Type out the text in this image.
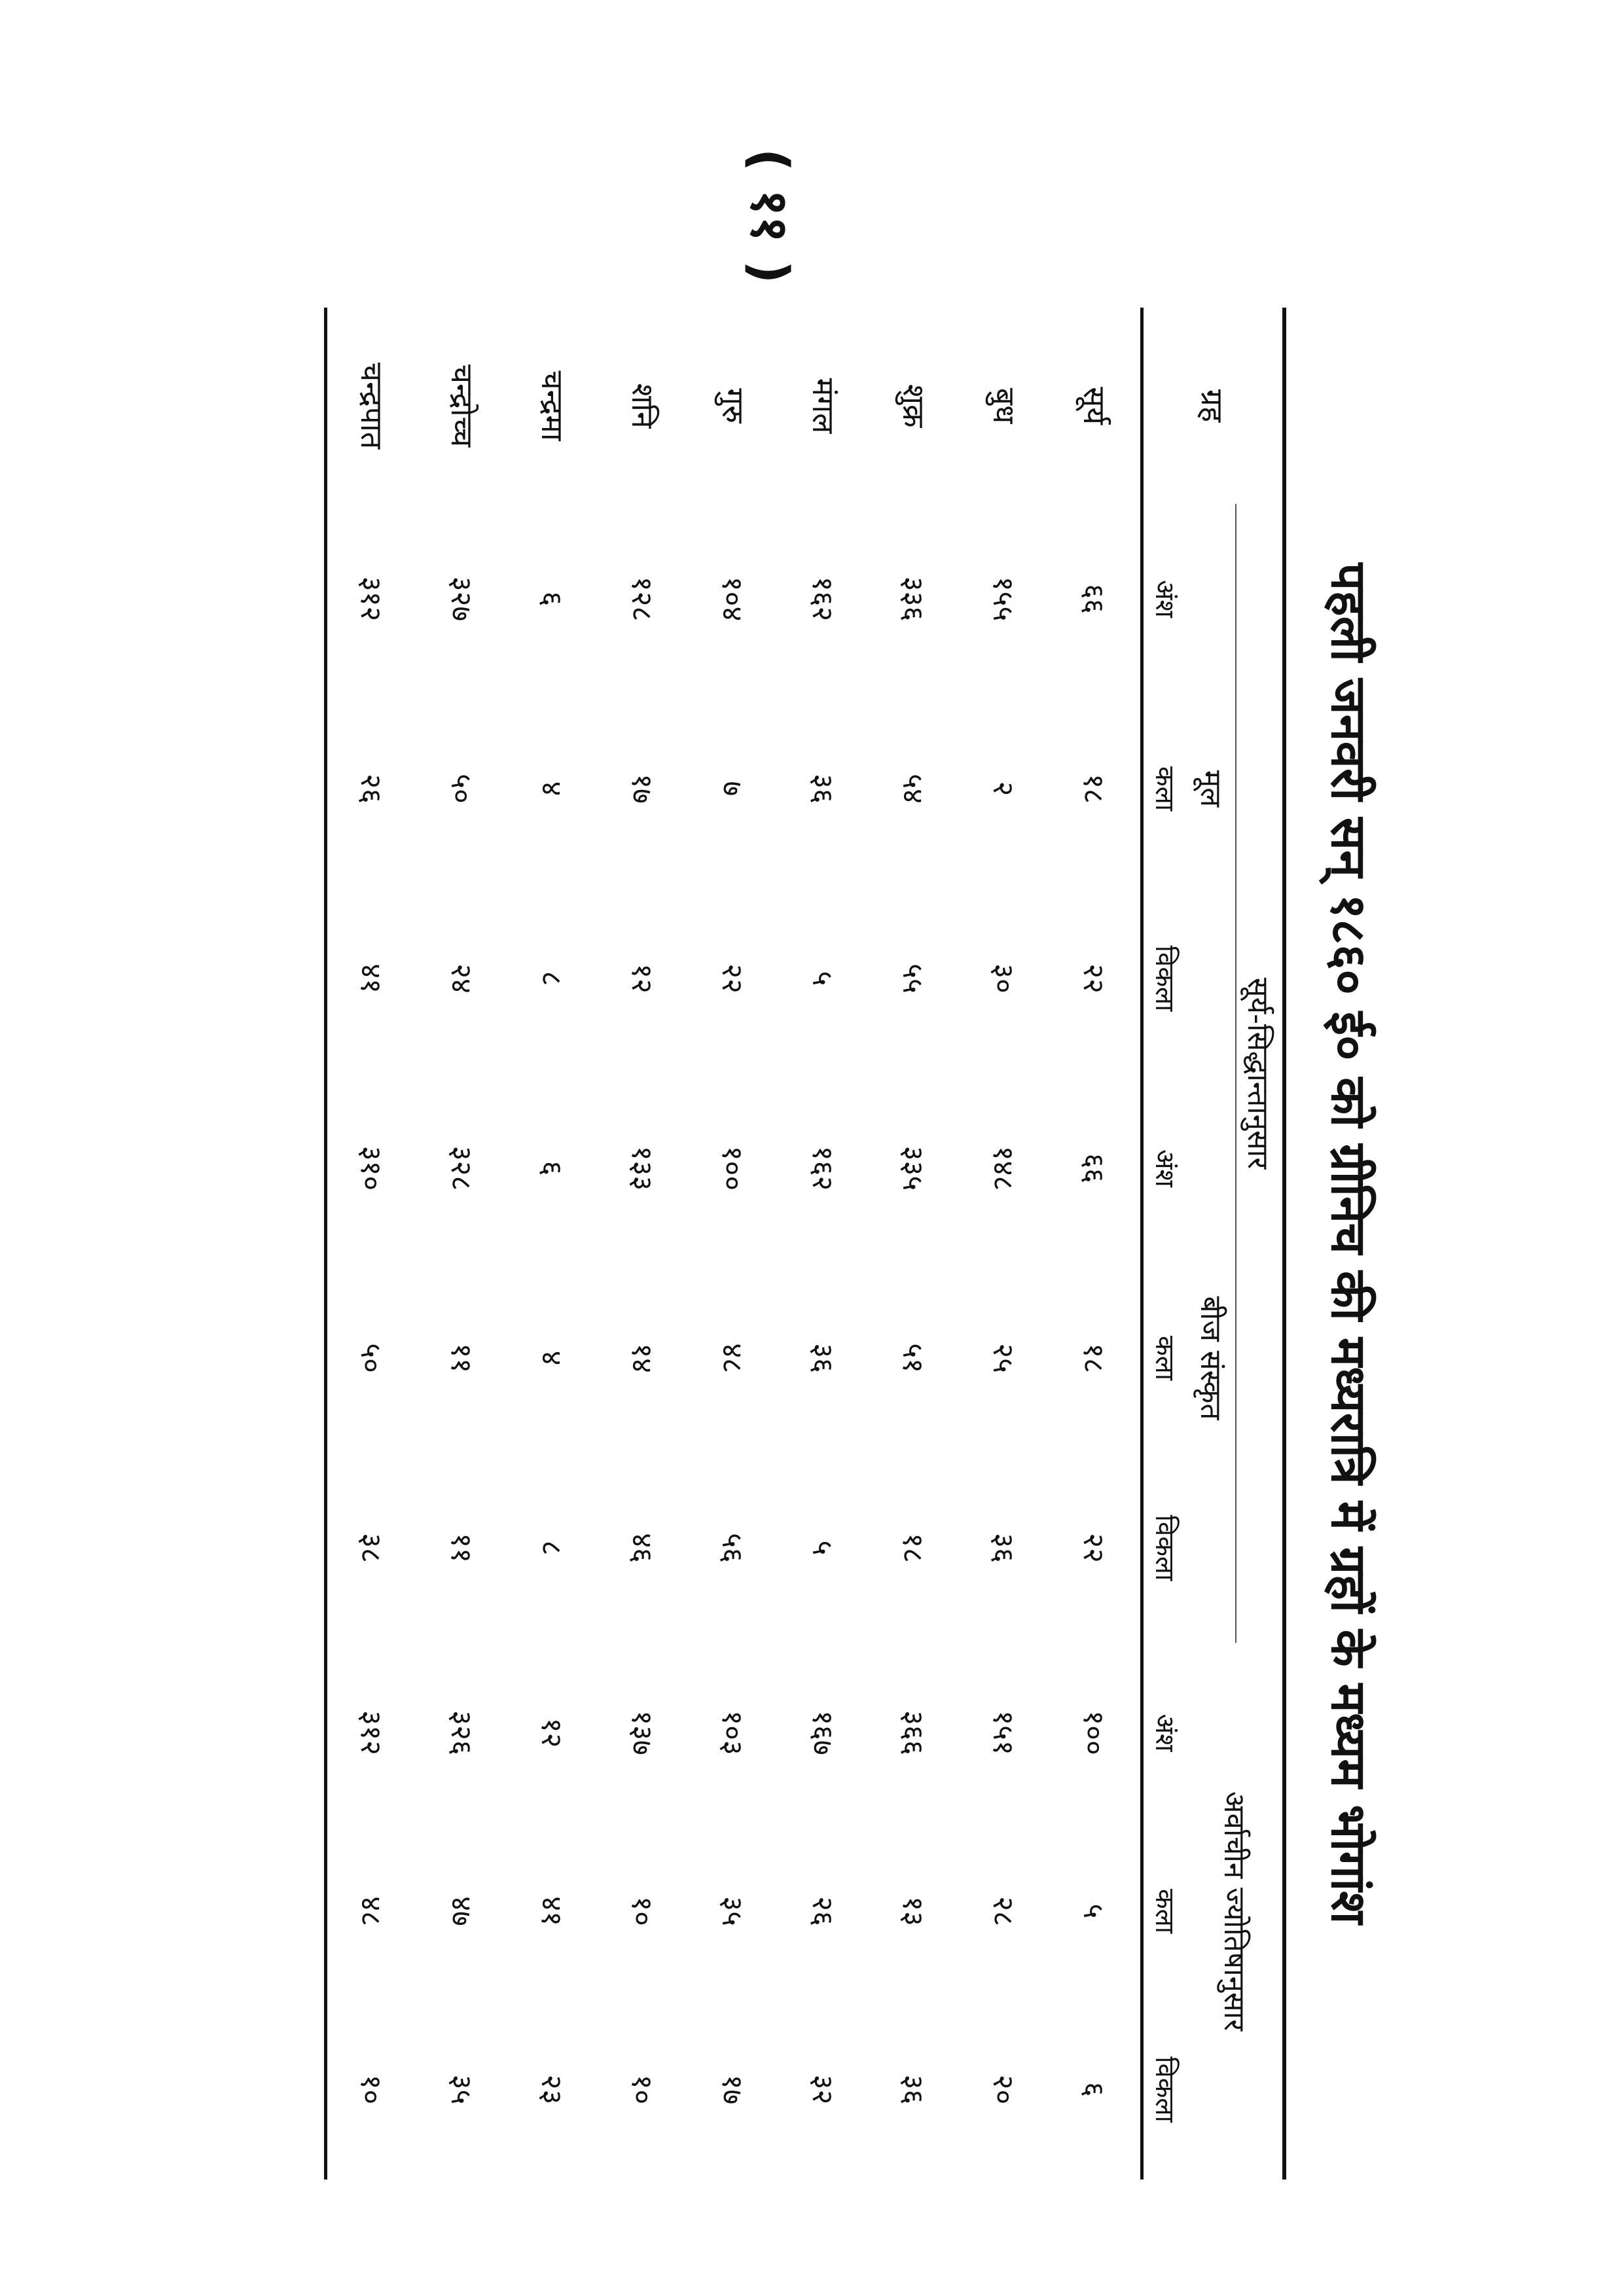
( ११ )
पहली जनवरी सन् १८६० ई० को ग्रीनिच की मध्यरात्रि में ग्रहों के मध्यम भोगांश

ग्रह	सूर्य-सिद्धान्तानुसार						अर्वाचीन ज्योतिषानुसार		
	मूल			बीज संस्कृत					
	अंश	कला	विकला	अंश	कला	विकला	अंश	कला	विकला
सूर्य	६६	१८	२२	६६	१८	२२	१००	५	६
बुध	१५५	२	३०	१४८	२५	३६	१५१	२८	२०
शुक्र	३३६	५४	५५	३३५	५१	१८	३६६	१३	३६
मंगल	१६२	३६	५	१६२	३६	५	१६७	२६	३२
गुरु	१०४	७	२२	१००	४८	५६	१०३	३५	१७
शनि	१२८	१७	१२	१३३	१४	४६	१३७	१०	१०
चन्द्रमा	६	४	८	६	४	८	१२	४१	२३
चन्द्रोच्च	३२७	५०	२४	३२८	११	११	३२६	४७	३५
चन्द्रपात	३१२	२६	४१	३१०	५०	३८	३१२	४८	१०
